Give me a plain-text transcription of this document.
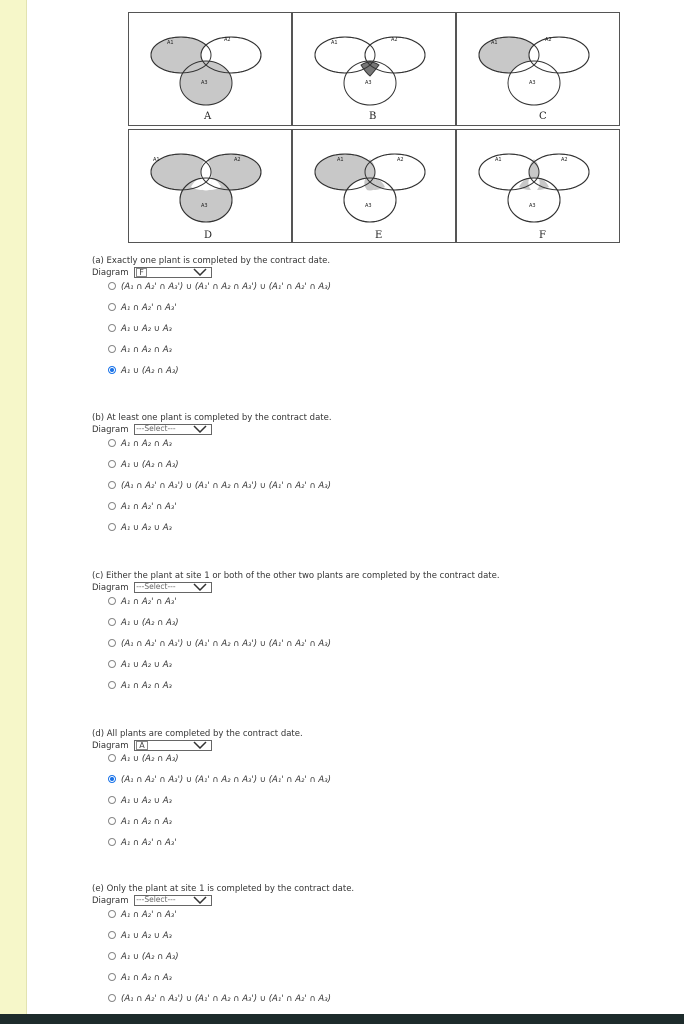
A1	A2
A3
A
A1	A2
A3
B
A1	A2
A3
C
A1	A2
A3
D
A1	A2
A3
E
A1	A2
A3
F
(a) Exactly one plant is completed by the contract date.
Diagram	F
(A₁ ∩ A₂' ∩ A₃') ∪ (A₁' ∩ A₂ ∩ A₃') ∪ (A₁' ∩ A₂' ∩ A₃)
A₁ ∩ A₂' ∩ A₃'
A₁ ∪ A₂ ∪ A₃
A₁ ∩ A₂ ∩ A₃
A₁ ∪ (A₂ ∩ A₃)
(b) At least one plant is completed by the contract date.
Diagram ---Select---
A₁ ∩ A₂ ∩ A₃
A₁ ∪ (A₂ ∩ A₃)
(A₁ ∩ A₂' ∩ A₃') ∪ (A₁' ∩ A₂ ∩ A₃') ∪ (A₁' ∩ A₂' ∩ A₃)
A₁ ∩ A₂' ∩ A₃'
A₁ ∪ A₂ ∪ A₃
(c) Either the plant at site 1 or both of the other two plants are completed by the contract date.
Diagram ---Select---
A₁ ∩ A₂' ∩ A₃'
A₁ ∪ (A₂ ∩ A₃)
(A₁ ∩ A₂' ∩ A₃') ∪ (A₁' ∩ A₂ ∩ A₃') ∪ (A₁' ∩ A₂' ∩ A₃)
A₁ ∪ A₂ ∪ A₃
A₁ ∩ A₂ ∩ A₃
(d) All plants are completed by the contract date.
Diagram	A
A₁ ∪ (A₂ ∩ A₃)
(A₁ ∩ A₂' ∩ A₃') ∪ (A₁' ∩ A₂ ∩ A₃') ∪ (A₁' ∩ A₂' ∩ A₃)
A₁ ∪ A₂ ∪ A₃
A₁ ∩ A₂ ∩ A₃
A₁ ∩ A₂' ∩ A₃'
(e) Only the plant at site 1 is completed by the contract date.
Diagram ---Select---
A₁ ∩ A₂' ∩ A₃'
A₁ ∪ A₂ ∪ A₃
A₁ ∪ (A₂ ∩ A₃)
A₁ ∩ A₂ ∩ A₃
(A₁ ∩ A₂' ∩ A₃') ∪ (A₁' ∩ A₂ ∩ A₃') ∪ (A₁' ∩ A₂' ∩ A₃)
